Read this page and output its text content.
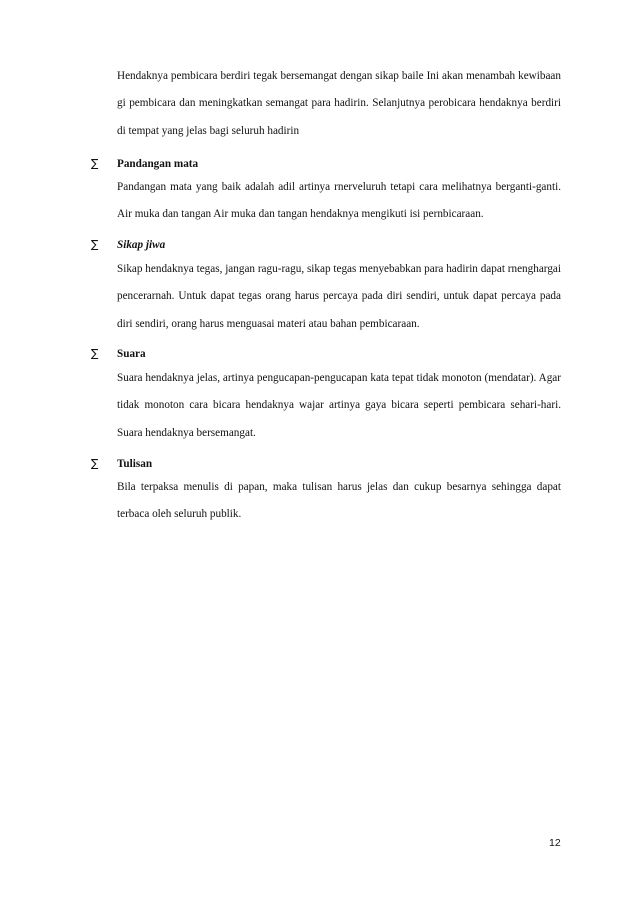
Hendaknya pembicara berdiri tegak bersemangat dengan sikap baile Ini akan menambah kewibaan gi pembicara dan meningkatkan semangat para hadirin. Selanjutnya perobicara hendaknya berdiri di tempat yang jelas bagi seluruh hadirin
∑ Pandangan mata
Pandangan mata yang baik adalah adil artinya rnerveluruh tetapi cara melihatnya berganti-ganti. Air muka dan tangan Air muka dan tangan hendaknya mengikuti isi pernbicaraan.
∑ Sikap jiwa
Sikap hendaknya tegas, jangan ragu-ragu, sikap tegas menyebabkan para hadirin dapat rnenghargai pencerarnah. Untuk dapat tegas orang harus percaya pada diri sendiri, untuk dapat percaya pada diri sendiri, orang harus menguasai materi atau bahan pembicaraan.
∑ Suara
Suara hendaknya jelas, artinya pengucapan-pengucapan kata tepat tidak monoton (mendatar). Agar tidak monoton cara bicara hendaknya wajar artinya gaya bicara seperti pembicara sehari-hari. Suara hendaknya bersemangat.
∑ Tulisan
Bila terpaksa menulis di papan, maka tulisan harus jelas dan cukup besarnya sehingga dapat terbaca oleh seluruh publik.
12
